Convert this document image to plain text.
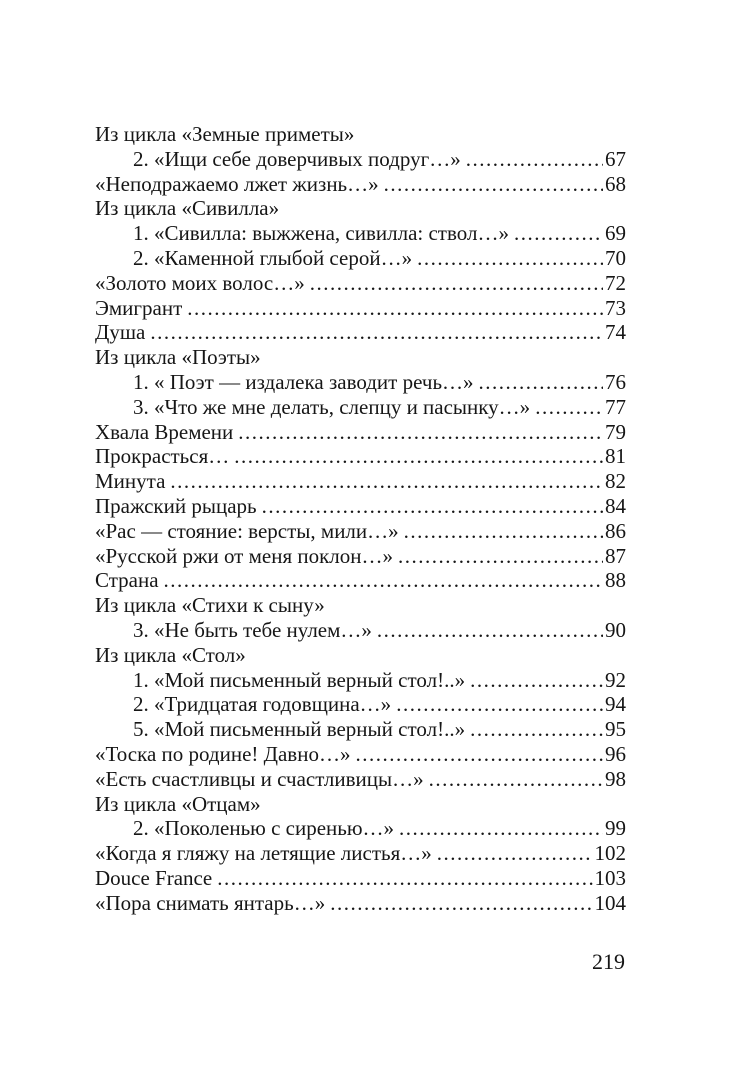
Из цикла «Земные приметы»
2. «Ищи себе доверчивых подруг…» .....	67
«Неподражаемо лжет жизнь…» .....	68
Из цикла «Сивилла»
1. «Сивилла: выжжена, сивилла: ствол…» .....	69
2. «Каменной глыбой серой…» .....	70
«Золото моих волос…» .....	72
Эмигрант .....	73
Душа .....	74
Из цикла «Поэты»
1. « Поэт — издалека заводит речь…» .....	76
3. «Что же мне делать, слепцу и пасынку…» .....	77
Хвала Времени .....	79
Прокрасться… .....	81
Минута .....	82
Пражский рыцарь .....	84
«Рас — стояние: версты, мили…» .....	86
«Русской ржи от меня поклон…» .....	87
Страна .....	88
Из цикла «Стихи к сыну»
3. «Не быть тебе нулем…» .....	90
Из цикла «Стол»
1. «Мой письменный верный стол!..» .....	92
2. «Тридцатая годовщина…» .....	94
5. «Мой письменный верный стол!..» .....	95
«Тоска по родине! Давно…» .....	96
«Есть счастливцы и счастливицы…» .....	98
Из цикла «Отцам»
2. «Поколенью с сиренью…» .....	99
«Когда я гляжу на летящие листья…» .....	102
Douce France .....	103
«Пора снимать янтарь…» .....	104
219
